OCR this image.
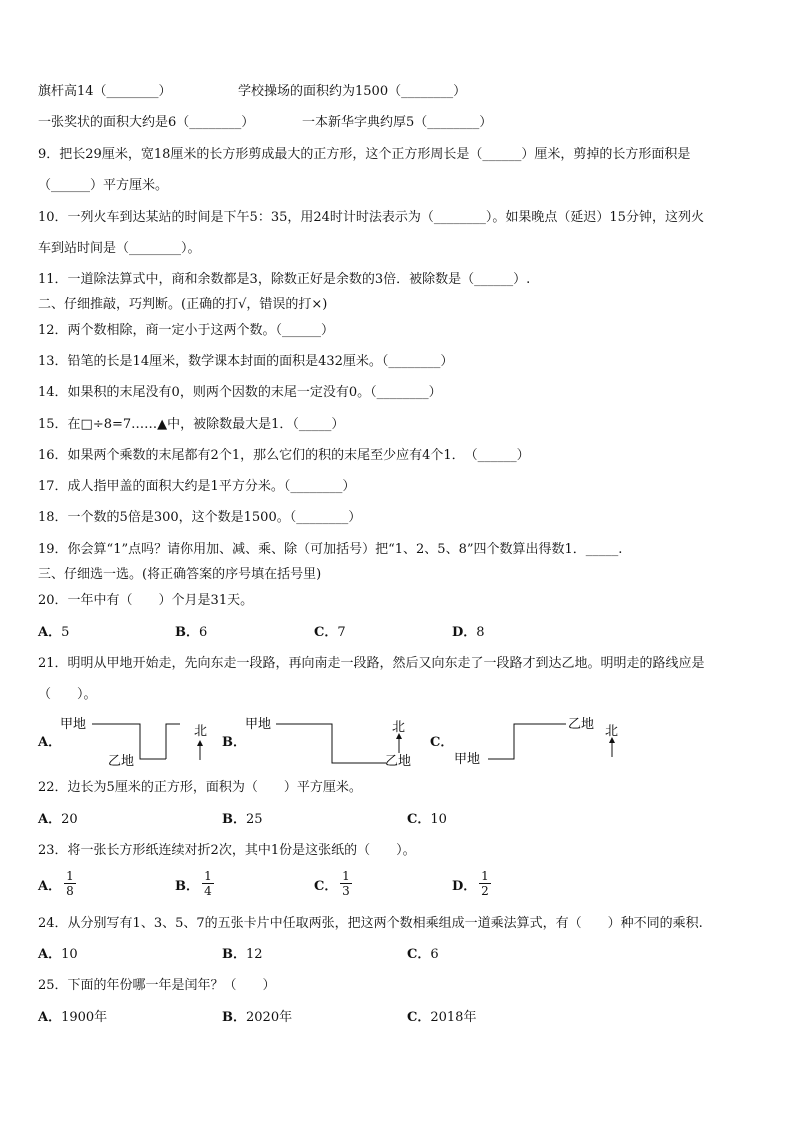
旗杆高14（________）	学校操场的面积约为1500（________）
一张奖状的面积大约是6（________）	一本新华字典约厚5（________）
9．把长29厘米，宽18厘米的长方形剪成最大的正方形，这个正方形周长是（______）厘米，剪掉的长方形面积是
（______）平方厘米。
10．一列火车到达某站的时间是下午5：35，用24时计时法表示为（________）。如果晚点（延迟）15分钟，这列火
车到站时间是（________）。
11．一道除法算式中，商和余数都是3，除数正好是余数的3倍．被除数是（______）.
二、仔细推敲，巧判断。(正确的打√，错误的打×)
12．两个数相除，商一定小于这两个数。（______）
13．铅笔的长是14厘米，数学课本封面的面积是432厘米。（________）
14．如果积的末尾没有0，则两个因数的末尾一定没有0。（________）
15．在□÷8=7……▲中，被除数最大是1．（_____）
16．如果两个乘数的末尾都有2个1，那么它们的积的末尾至少应有4个1．　（______）
17．成人指甲盖的面积大约是1平方分米。（________）
18．一个数的5倍是300，这个数是1500。（________）
19．你会算“1”点吗？请你用加、减、乘、除（可加括号）把“1、2、5、8”四个数算出得数1．_____.
三、仔细选一选。(将正确答案的序号填在括号里)
20．一年中有（　　）个月是31天。
A．5	B．6	C．7	D．8
21．明明从甲地开始走，先向东走一段路，再向南走一段路，然后又向东走了一段路才到达乙地。明明走的路线应是
（　　）。
A．	B．	C．
甲地
乙地
北	甲地
乙地
北
甲地
乙地 北
22．边长为5厘米的正方形，面积为（　　）平方厘米。
A．20	B．25	C．10
23．将一张长方形纸连续对折2次，其中1份是这张纸的（　　）。
A． $\frac{1}{8}$	B． $\frac{1}{4}$	C． $\frac{1}{3}$	D． $\frac{1}{2}$
24．从分别写有1、3、5、7的五张卡片中任取两张，把这两个数相乘组成一道乘法算式，有（　　）种不同的乘积.
A．10	B．12	C．6
25．下面的年份哪一年是闰年？（　　）
A．1900年	B．2020年	C．2018年
